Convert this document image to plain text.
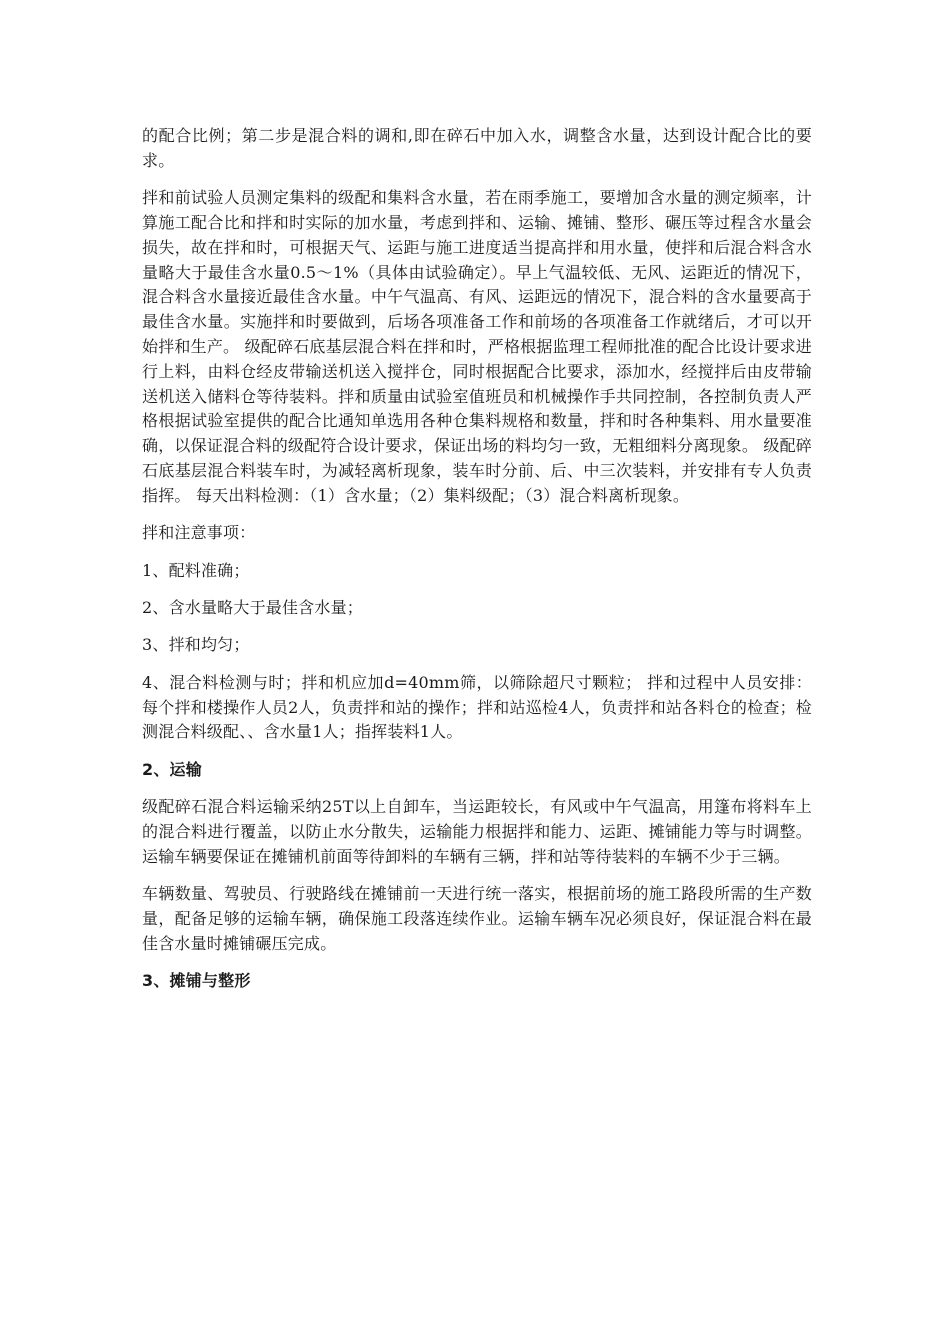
的配合比例；第二步是混合料的调和,即在碎石中加入水，调整含水量，达到设计配合比的要求。

拌和前试验人员测定集料的级配和集料含水量，若在雨季施工，要增加含水量的测定频率，计算施工配合比和拌和时实际的加水量，考虑到拌和、运输、摊铺、整形、碾压等过程含水量会损失，故在拌和时，可根据天气、运距与施工进度适当提高拌和用水量，使拌和后混合料含水量略大于最佳含水量0.5～1%（具体由试验确定）。早上气温较低、无风、运距近的情况下，混合料含水量接近最佳含水量。中午气温高、有风、运距远的情况下，混合料的含水量要高于最佳含水量。实施拌和时要做到，后场各项准备工作和前场的各项准备工作就绪后，才可以开始拌和生产。 级配碎石底基层混合料在拌和时，严格根据监理工程师批准的配合比设计要求进行上料，由料仓经皮带输送机送入搅拌仓，同时根据配合比要求，添加水，经搅拌后由皮带输送机送入储料仓等待装料。拌和质量由试验室值班员和机械操作手共同控制，各控制负责人严格根据试验室提供的配合比通知单选用各种仓集料规格和数量，拌和时各种集料、用水量要准确，以保证混合料的级配符合设计要求，保证出场的料均匀一致，无粗细料分离现象。 级配碎石底基层混合料装车时，为减轻离析现象，装车时分前、后、中三次装料，并安排有专人负责指挥。 每天出料检测：（1）含水量；（2）集料级配；（3）混合料离析现象。

拌和注意事项：

1、配料准确；

2、含水量略大于最佳含水量；

3、拌和均匀；

4、混合料检测与时；拌和机应加d=40mm筛，以筛除超尺寸颗粒； 拌和过程中人员安排：每个拌和楼操作人员2人，负责拌和站的操作；拌和站巡检4人，负责拌和站各料仓的检查；检测混合料级配、、含水量1人；指挥装料1人。

2、运输

级配碎石混合料运输采纳25T以上自卸车，当运距较长，有风或中午气温高，用篷布将料车上的混合料进行覆盖，以防止水分散失，运输能力根据拌和能力、运距、摊铺能力等与时调整。运输车辆要保证在摊铺机前面等待卸料的车辆有三辆，拌和站等待装料的车辆不少于三辆。

车辆数量、驾驶员、行驶路线在摊铺前一天进行统一落实，根据前场的施工路段所需的生产数量，配备足够的运输车辆，确保施工段落连续作业。运输车辆车况必须良好，保证混合料在最佳含水量时摊铺碾压完成。

3、摊铺与整形
